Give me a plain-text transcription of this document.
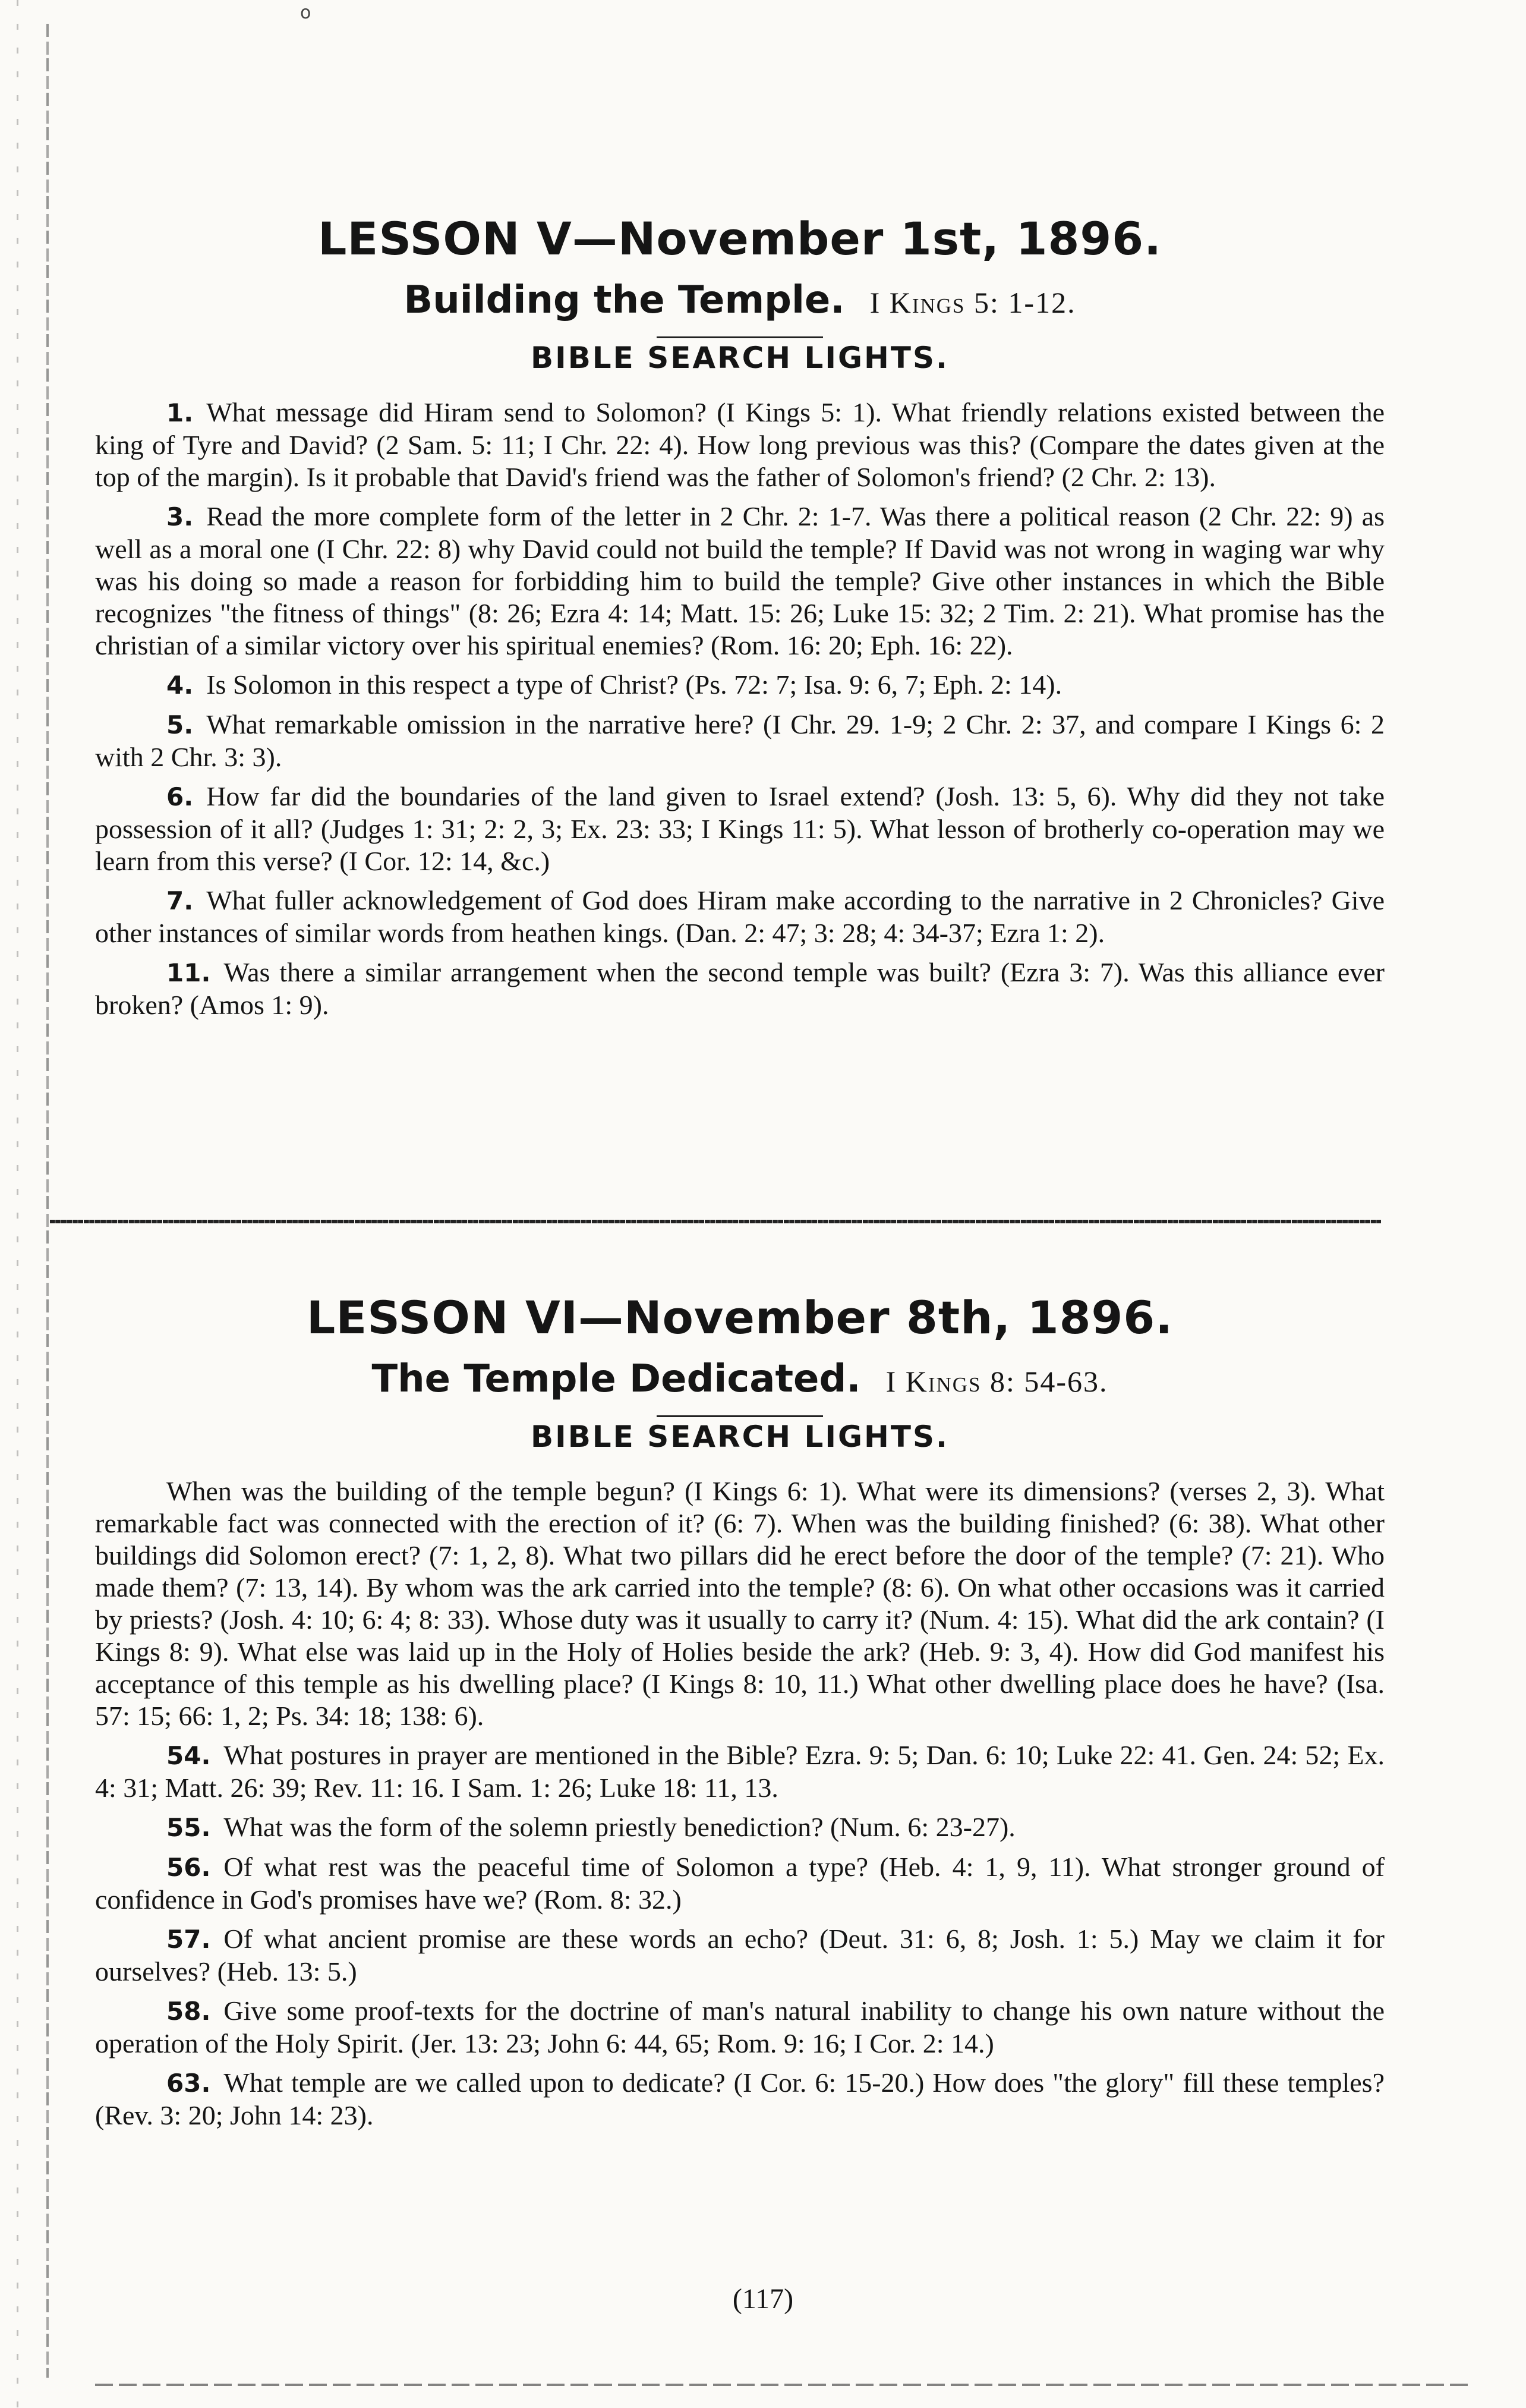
o
LESSON V—November 1st, 1896.
Building the Temple. I Kings 5: 1-12.
BIBLE SEARCH LIGHTS.

1. What message did Hiram send to Solomon? (I Kings 5: 1). What friendly relations existed between the king of Tyre and David? (2 Sam. 5: 11; I Chr. 22: 4). How long previous was this? (Compare the dates given at the top of the margin). Is it probable that David's friend was the father of Solomon's friend? (2 Chr. 2: 13).

3. Read the more complete form of the letter in 2 Chr. 2: 1-7. Was there a political reason (2 Chr. 22: 9) as well as a moral one (I Chr. 22: 8) why David could not build the temple? If David was not wrong in waging war why was his doing so made a reason for forbidding him to build the temple? Give other instances in which the Bible recognizes "the fitness of things" (8: 26; Ezra 4: 14; Matt. 15: 26; Luke 15: 32; 2 Tim. 2: 21). What promise has the christian of a similar victory over his spiritual enemies? (Rom. 16: 20; Eph. 16: 22).

4. Is Solomon in this respect a type of Christ? (Ps. 72: 7; Isa. 9: 6, 7; Eph. 2: 14).

5. What remarkable omission in the narrative here? (I Chr. 29. 1-9; 2 Chr. 2: 37, and compare I Kings 6: 2 with 2 Chr. 3: 3).

6. How far did the boundaries of the land given to Israel extend? (Josh. 13: 5, 6). Why did they not take possession of it all? (Judges 1: 31; 2: 2, 3; Ex. 23: 33; I Kings 11: 5). What lesson of brotherly co-operation may we learn from this verse? (I Cor. 12: 14, &c.)

7. What fuller acknowledgement of God does Hiram make according to the narrative in 2 Chronicles? Give other instances of similar words from heathen kings. (Dan. 2: 47; 3: 28; 4: 34-37; Ezra 1: 2).

11. Was there a similar arrangement when the second temple was built? (Ezra 3: 7). Was this alliance ever broken? (Amos 1: 9).

LESSON VI—November 8th, 1896.
The Temple Dedicated. I Kings 8: 54-63.
BIBLE SEARCH LIGHTS.

When was the building of the temple begun? (I Kings 6: 1). What were its dimensions? (verses 2, 3). What remarkable fact was connected with the erection of it? (6: 7). When was the building finished? (6: 38). What other buildings did Solomon erect? (7: 1, 2, 8). What two pillars did he erect before the door of the temple? (7: 21). Who made them? (7: 13, 14). By whom was the ark carried into the temple? (8: 6). On what other occasions was it carried by priests? (Josh. 4: 10; 6: 4; 8: 33). Whose duty was it usually to carry it? (Num. 4: 15). What did the ark contain? (I Kings 8: 9). What else was laid up in the Holy of Holies beside the ark? (Heb. 9: 3, 4). How did God manifest his acceptance of this temple as his dwelling place? (I Kings 8: 10, 11.) What other dwelling place does he have? (Isa. 57: 15; 66: 1, 2; Ps. 34: 18; 138: 6).

54. What postures in prayer are mentioned in the Bible? Ezra. 9: 5; Dan. 6: 10; Luke 22: 41. Gen. 24: 52; Ex. 4: 31; Matt. 26: 39; Rev. 11: 16. I Sam. 1: 26; Luke 18: 11, 13.

55. What was the form of the solemn priestly benediction? (Num. 6: 23-27).

56. Of what rest was the peaceful time of Solomon a type? (Heb. 4: 1, 9, 11). What stronger ground of confidence in God's promises have we? (Rom. 8: 32.)

57. Of what ancient promise are these words an echo? (Deut. 31: 6, 8; Josh. 1: 5.) May we claim it for ourselves? (Heb. 13: 5.)

58. Give some proof-texts for the doctrine of man's natural inability to change his own nature without the operation of the Holy Spirit. (Jer. 13: 23; John 6: 44, 65; Rom. 9: 16; I Cor. 2: 14.)

63. What temple are we called upon to dedicate? (I Cor. 6: 15-20.) How does "the glory" fill these temples? (Rev. 3: 20; John 14: 23).

(117)
